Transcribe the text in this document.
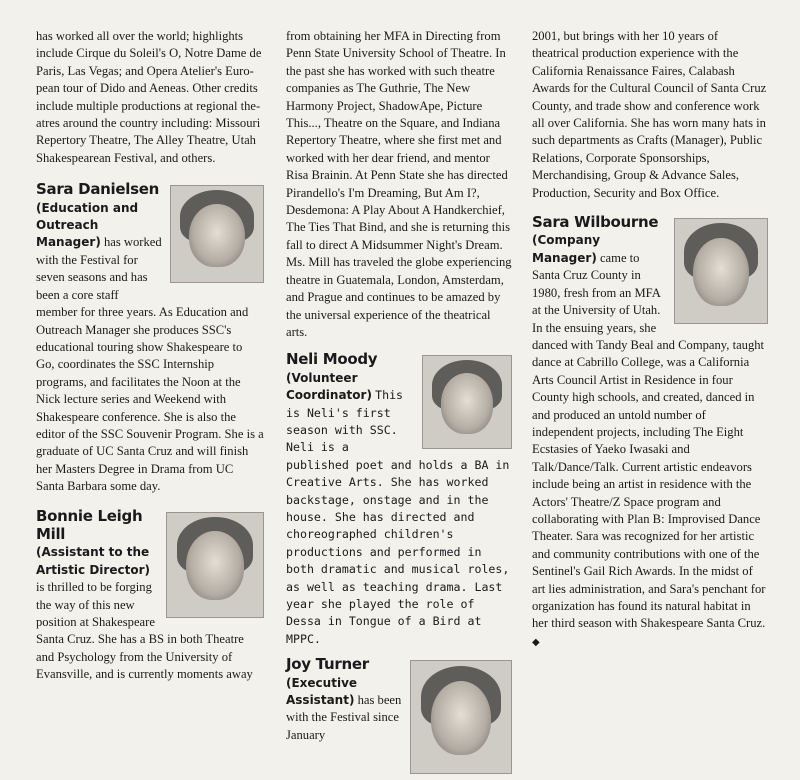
has worked all over the world; highlights
include Cirque du Soleil's O, Notre Dame de
Paris, Las Vegas; and Opera Atelier's Euro-
pean tour of Dido and Aeneas. Other credits
include multiple productions at regional the-
atres around the country including: Missouri
Repertory Theatre, The Alley Theatre, Utah
Shakespearean Festival, and others.

Sara Danielsen (Education and Outreach Manager) has worked with the Festival for seven seasons and has been a core staff member for three years. As Education and Outreach Manager she produces SSC's educational touring show Shakespeare to Go, coordinates the SSC Internship programs, and facilitates the Noon at the Nick lecture series and Weekend with Shakespeare conference. She is also the editor of the SSC Souvenir Program. She is a graduate of UC Santa Cruz and will finish her Masters Degree in Drama from UC Santa Barbara some day.
Bonnie Leigh Mill
(Assistant to the Artistic Director) is thrilled to be forging the way of this new position at Shakespeare Santa Cruz. She has a BS in both Theatre and Psychology from the University of Evansville, and is currently moments away

from obtaining her MFA in Directing from Penn State University School of Theatre. In the past she has worked with such theatre companies as The Guthrie, The New Harmony Project, ShadowApe, Picture This..., Theatre on the Square, and Indiana Repertory Theatre, where she first met and worked with her dear friend, and mentor Risa Brainin. At Penn State she has directed Pirandello's I'm Dreaming, But Am I?, Desdemona: A Play About A Handkerchief, The Ties That Bind, and she is returning this fall to direct A Midsummer Night's Dream. Ms. Mill has traveled the globe experiencing theatre in Guatemala, London, Amsterdam, and Prague and continues to be amazed by the universal experience of the theatrical arts.

Neli Moody (Volunteer Coordinator) This is Neli's first season with SSC. Neli is a published poet and holds a BA in Creative Arts. She has worked backstage, onstage and in the house. She has directed and choreographed children's productions and performed in both dramatic and musical roles, as well as teaching drama. Last year she played the role of Dessa in Tongue of a Bird at MPPC.
Joy Turner (Executive Assistant) has been with the Festival since January

2001, but brings with her 10 years of theatrical production experience with the California Renaissance Faires, Calabash Awards for the Cultural Council of Santa Cruz County, and trade show and conference work all over California. She has worn many hats in such departments as Crafts (Manager), Public Relations, Corporate Sponsorships, Merchandising, Group & Advance Sales, Production, Security and Box Office.

Sara Wilbourne (Company Manager) came to Santa Cruz County in 1980, fresh from an MFA at the University of Utah. In the ensuing years, she danced with Tandy Beal and Company, taught dance at Cabrillo College, was a California Arts Council Artist in Residence in four County high schools, and created, danced in and produced an untold number of independent projects, including The Eight Ecstasies of Yaeko Iwasaki and Talk/Dance/Talk. Current artistic endeavors include being an artist in residence with the Actors' Theatre/Z Space program and collaborating with Plan B: Improvised Dance Theater. Sara was recognized for her artistic and community contributions with one of the Sentinel's Gail Rich Awards. In the midst of art lies administration, and Sara's penchant for organization has found its natural habitat in her third season with Shakespeare Santa Cruz. ◆
